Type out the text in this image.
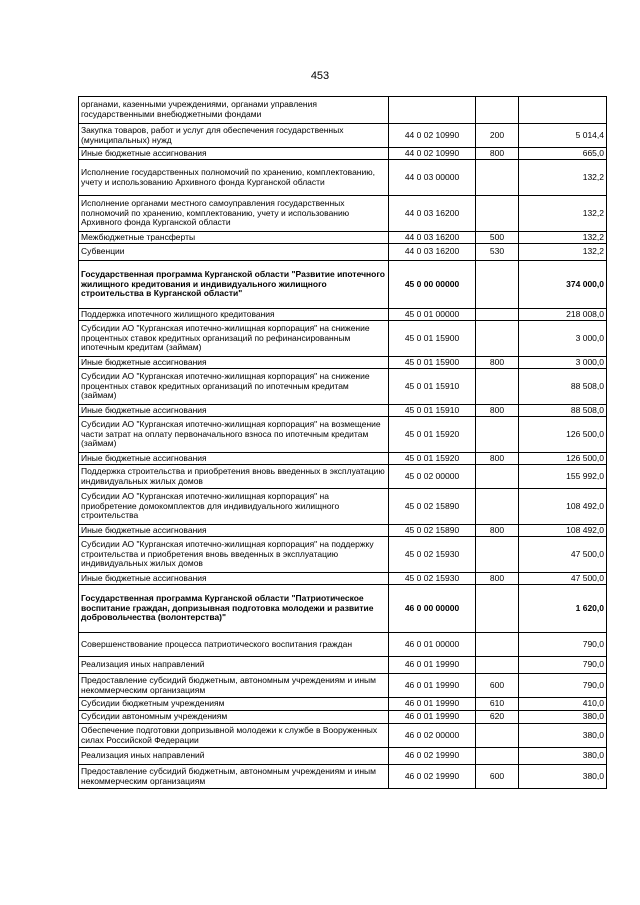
453
органами, казенными учреждениями, органами управления государственными внебюджетными фондами			
Закупка товаров, работ и услуг для обеспечения государственных (муниципальных) нужд	44 0 02 10990	200	5 014,4
Иные бюджетные ассигнования	44 0 02 10990	800	665,0
Исполнение государственных полномочий по хранению, комплектованию, учету и использованию Архивного фонда Курганской области	44 0 03 00000		132,2
Исполнение органами местного самоуправления государственных полномочий по хранению, комплектованию, учету и использованию Архивного фонда Курганской области	44 0 03 16200		132,2
Межбюджетные трансферты	44 0 03 16200	500	132,2
Субвенции	44 0 03 16200	530	132,2
Государственная программа Курганской области "Развитие ипотечного жилищного кредитования и индивидуального жилищного строительства в Курганской области"	45 0 00 00000		374 000,0
Поддержка ипотечного жилищного кредитования	45 0 01 00000		218 008,0
Субсидии АО "Курганская ипотечно-жилищная корпорация" на снижение процентных ставок кредитных организаций по рефинансированным ипотечным кредитам (займам)	45 0 01 15900		3 000,0
Иные бюджетные ассигнования	45 0 01 15900	800	3 000,0
Субсидии АО "Курганская ипотечно-жилищная корпорация" на снижение процентных ставок кредитных организаций по ипотечным кредитам (займам)	45 0 01 15910		88 508,0
Иные бюджетные ассигнования	45 0 01 15910	800	88 508,0
Субсидии АО "Курганская ипотечно-жилищная корпорация" на возмещение части затрат на оплату первоначального взноса по ипотечным кредитам (займам)	45 0 01 15920		126 500,0
Иные бюджетные ассигнования	45 0 01 15920	800	126 500,0
Поддержка строительства и приобретения вновь введенных в эксплуатацию индивидуальных жилых домов	45 0 02 00000		155 992,0
Субсидии АО "Курганская ипотечно-жилищная корпорация" на приобретение домокомплектов для индивидуального жилищного строительства	45 0 02 15890		108 492,0
Иные бюджетные ассигнования	45 0 02 15890	800	108 492,0
Субсидии АО "Курганская ипотечно-жилищная корпорация" на поддержку строительства и приобретения вновь введенных в эксплуатацию индивидуальных жилых домов	45 0 02 15930		47 500,0
Иные бюджетные ассигнования	45 0 02 15930	800	47 500,0
Государственная программа Курганской области "Патриотическое воспитание граждан, допризывная подготовка молодежи и развитие добровольчества (волонтерства)"	46 0 00 00000		1 620,0
Совершенствование процесса патриотического воспитания граждан	46 0 01 00000		790,0
Реализация иных направлений	46 0 01 19990		790,0
Предоставление субсидий бюджетным, автономным учреждениям и иным некоммерческим организациям	46 0 01 19990	600	790,0
Субсидии бюджетным учреждениям	46 0 01 19990	610	410,0
Субсидии автономным учреждениям	46 0 01 19990	620	380,0
Обеспечение подготовки допризывной молодежи к службе в Вооруженных силах Российской Федерации	46 0 02 00000		380,0
Реализация иных направлений	46 0 02 19990		380,0
Предоставление субсидий бюджетным, автономным учреждениям и иным некоммерческим организациям	46 0 02 19990	600	380,0
